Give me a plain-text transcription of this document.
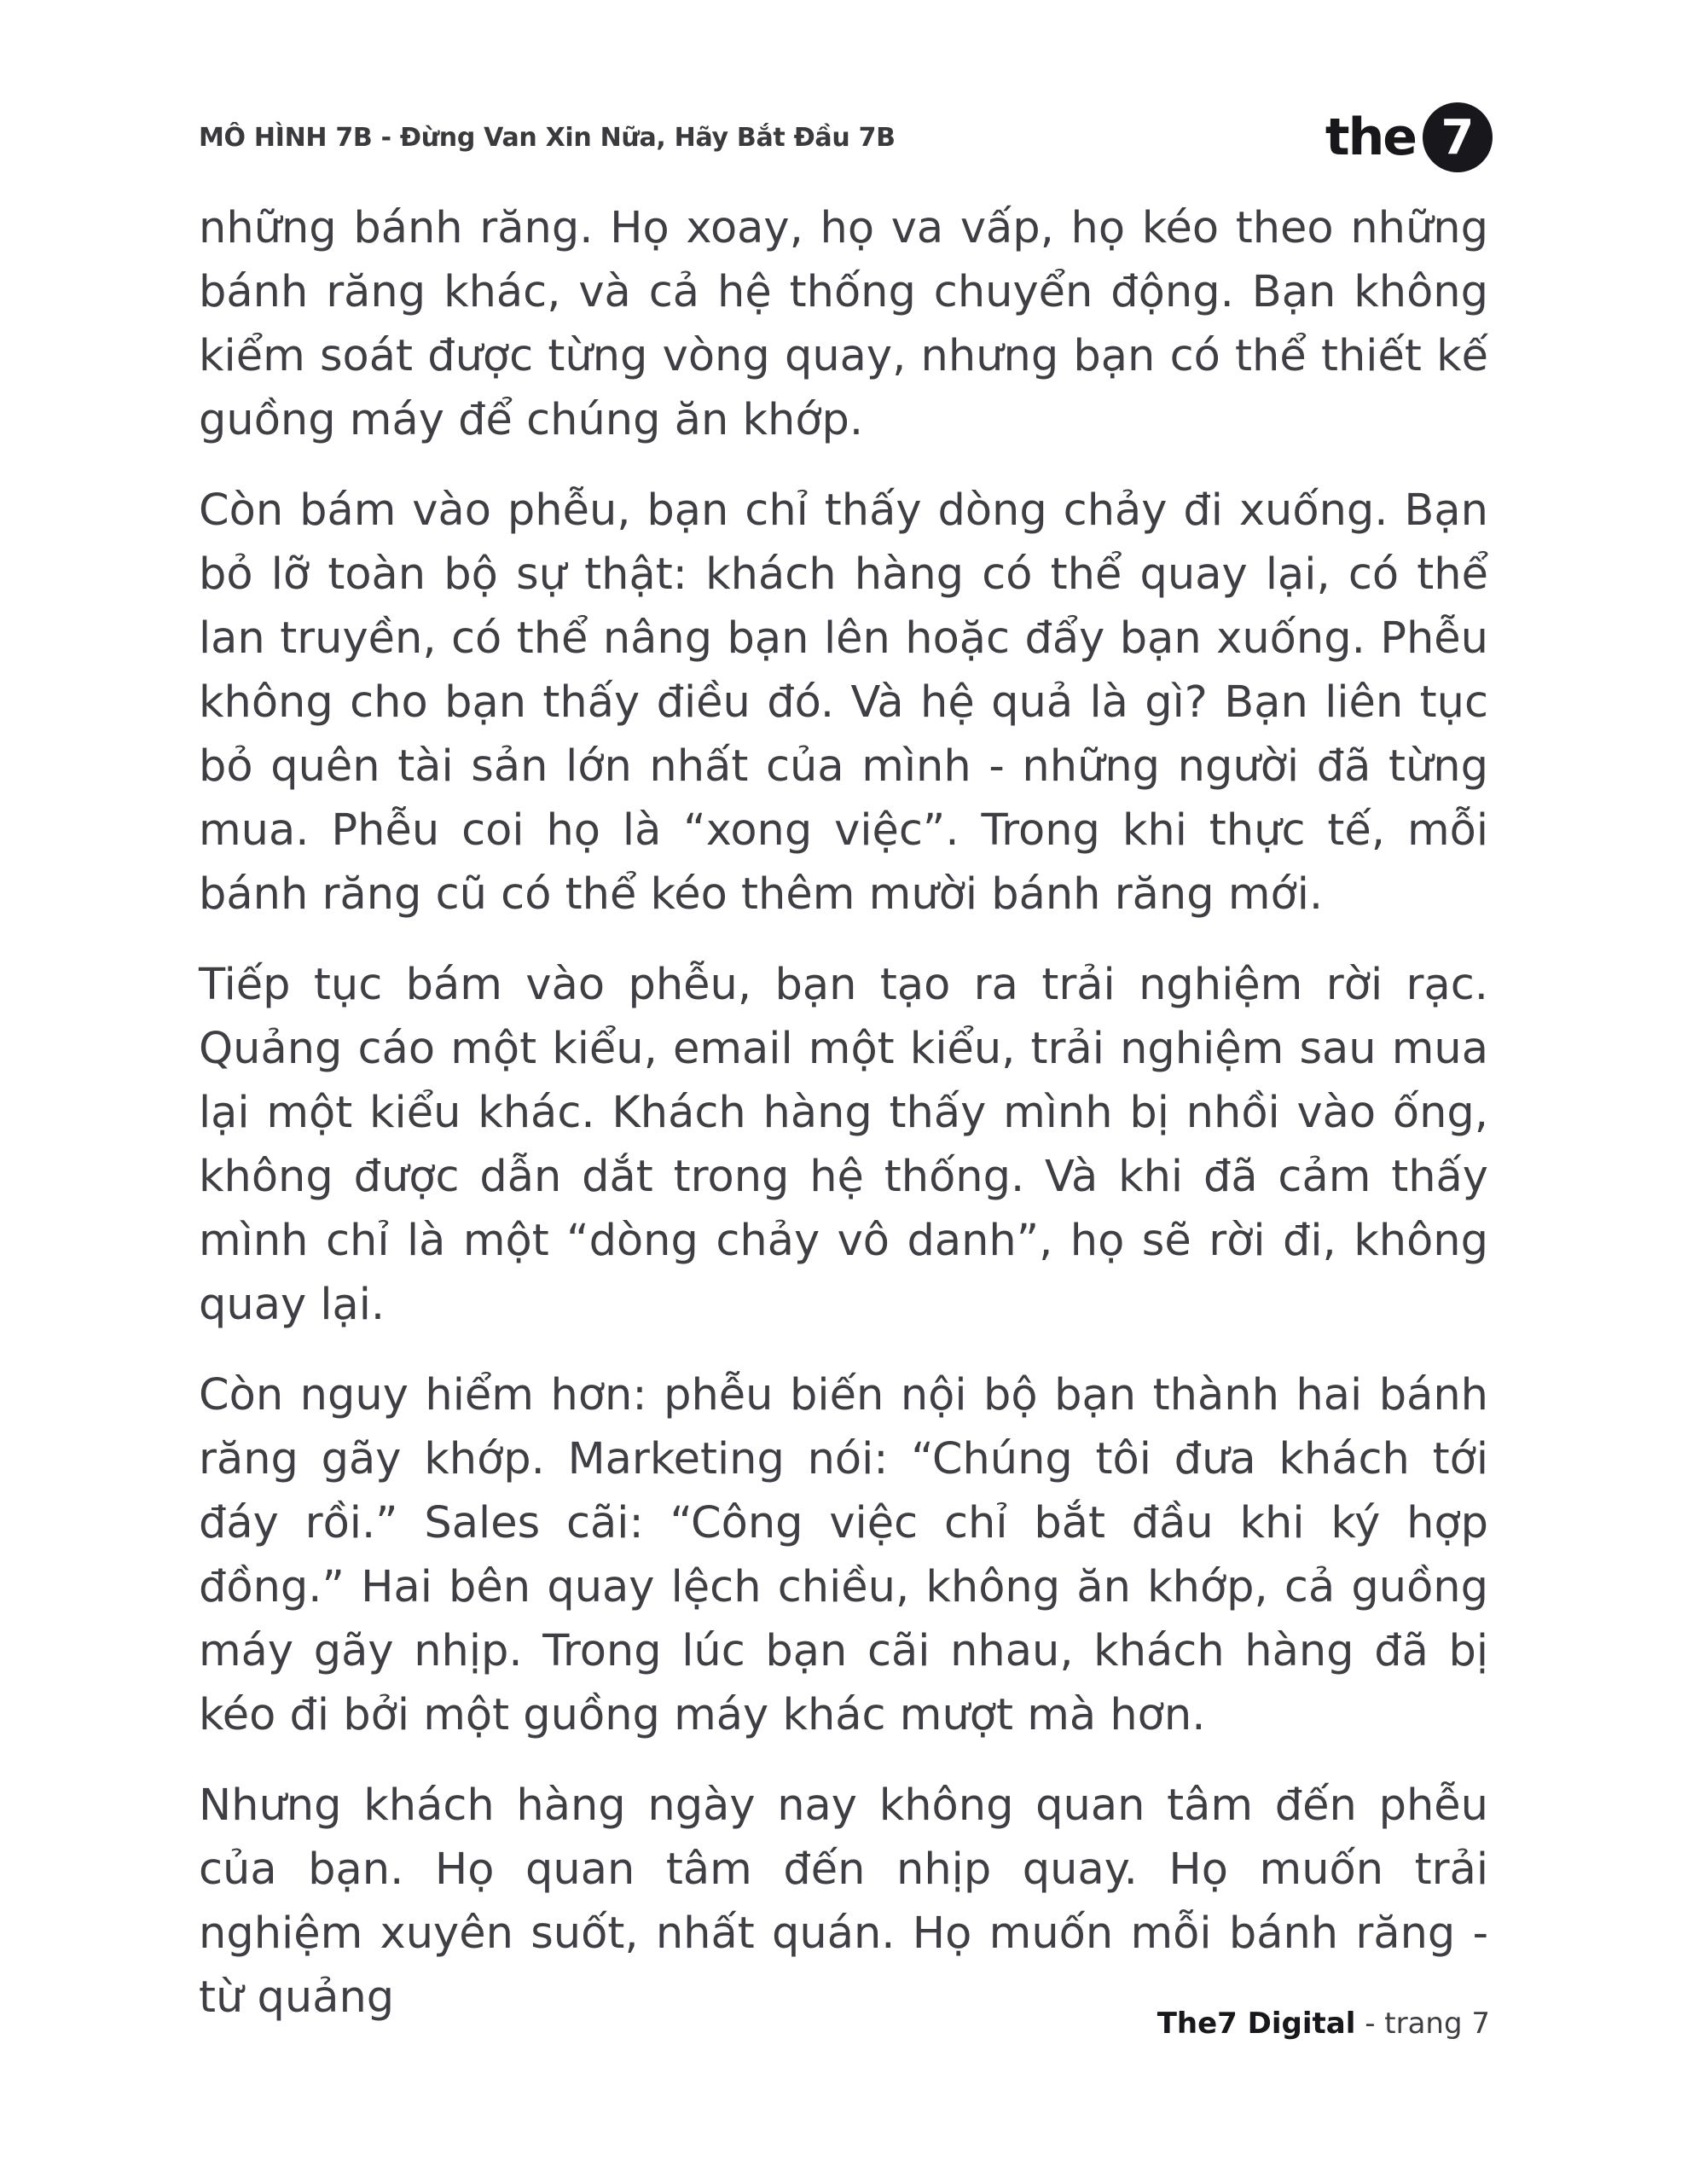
MÔ HÌNH 7B - Đừng Van Xin Nữa, Hãy Bắt Đầu 7B	the 7

những bánh răng. Họ xoay, họ va vấp, họ kéo theo những bánh răng khác, và cả hệ thống chuyển động. Bạn không kiểm soát được từng vòng quay, nhưng bạn có thể thiết kế guồng máy để chúng ăn khớp.

Còn bám vào phễu, bạn chỉ thấy dòng chảy đi xuống. Bạn bỏ lỡ toàn bộ sự thật: khách hàng có thể quay lại, có thể lan truyền, có thể nâng bạn lên hoặc đẩy bạn xuống. Phễu không cho bạn thấy điều đó. Và hệ quả là gì? Bạn liên tục bỏ quên tài sản lớn nhất của mình - những người đã từng mua. Phễu coi họ là “xong việc”. Trong khi thực tế, mỗi bánh răng cũ có thể kéo thêm mười bánh răng mới.

Tiếp tục bám vào phễu, bạn tạo ra trải nghiệm rời rạc. Quảng cáo một kiểu, email một kiểu, trải nghiệm sau mua lại một kiểu khác. Khách hàng thấy mình bị nhồi vào ống, không được dẫn dắt trong hệ thống. Và khi đã cảm thấy mình chỉ là một “dòng chảy vô danh”, họ sẽ rời đi, không quay lại.

Còn nguy hiểm hơn: phễu biến nội bộ bạn thành hai bánh răng gãy khớp. Marketing nói: “Chúng tôi đưa khách tới đáy rồi.” Sales cãi: “Công việc chỉ bắt đầu khi ký hợp đồng.” Hai bên quay lệch chiều, không ăn khớp, cả guồng máy gãy nhịp. Trong lúc bạn cãi nhau, khách hàng đã bị kéo đi bởi một guồng máy khác mượt mà hơn.

Nhưng khách hàng ngày nay không quan tâm đến phễu của bạn. Họ quan tâm đến nhịp quay. Họ muốn trải nghiệm xuyên suốt, nhất quán. Họ muốn mỗi bánh răng - từ quảng

The7 Digital - trang 7
